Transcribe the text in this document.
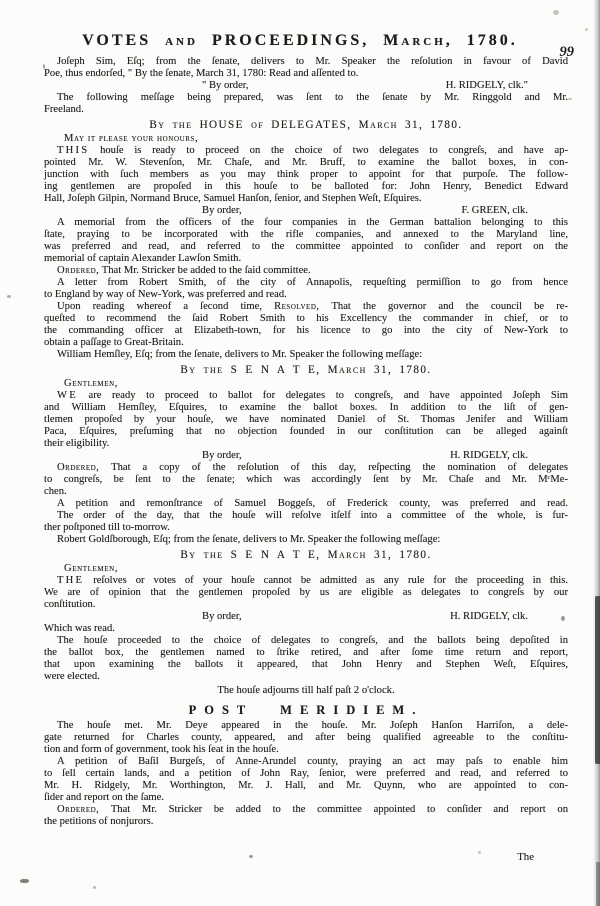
VOTES and PROCEEDINGS, March, 1780.
99
Joſeph Sim, Eſq; from the ſenate, delivers to Mr. Speaker the reſolution in favour of David
Poe, thus endorſed, " By the ſenate, March 31, 1780: Read and aſſented to.
" By order,	H. RIDGELY, clk."
The following meſſage being prepared, was ſent to the ſenate by Mr. Ringgold and Mr.
Freeland.
By the HOUSE of DELEGATES, March 31, 1780.
May it please your honours,
THIS houſe is ready to proceed on the choice of two delegates to congreſs, and have ap-
pointed Mr. W. Stevenſon, Mr. Chaſe, and Mr. Bruff, to examine the ballot boxes, in con-
junction with ſuch members as you may think proper to appoint for that purpoſe. The follow-
ing gentlemen are propoſed in this houſe to be balloted for: John Henry, Benedict Edward
Hall, Joſeph Gilpin, Normand Bruce, Samuel Hanſon, ſenior, and Stephen Weſt, Eſquires.
By order,	F. GREEN, clk.
A memorial from the officers of the four companies in the German battalion belonging to this
ſtate, praying to be incorporated with the rifle companies, and annexed to the Maryland line,
was preferred and read, and referred to the committee appointed to conſider and report on the
memorial of captain Alexander Lawſon Smith.
Ordered, That Mr. Stricker be added to the ſaid committee.
A letter from Robert Smith, of the city of Annapolis, requeſting permiſſion to go from hence
to England by way of New-York, was preferred and read.
Upon reading whereof a ſecond time, Resolved, That the governor and the council be re-
queſted to recommend the ſaid Robert Smith to his Excellency the commander in chief, or to
the commanding officer at Elizabeth-town, for his licence to go into the city of New-York to
obtain a paſſage to Great-Britain.
William Hemſley, Eſq; from the ſenate, delivers to Mr. Speaker the following meſſage:
By the S E N A T E, March 31, 1780.
Gentlemen,
WE are ready to proceed to ballot for delegates to congreſs, and have appointed Joſeph Sim
and William Hemſley, Eſquires, to examine the ballot boxes. In addition to the liſt of gen-
tlemen propoſed by your houſe, we have nominated Daniel of St. Thomas Jenifer and William
Paca, Eſquires, preſuming that no objection founded in our conſtitution can be alleged againſt
their eligibility.
By order,	H. RIDGELY, clk.
Ordered, That a copy of the reſolution of this day, reſpecting the nomination of delegates
to congreſs, be ſent to the ſenate; which was accordingly ſent by Mr. Chaſe and Mr. MᶜMe-
chen.
A petition and remonſtrance of Samuel Boggeſs, of Frederick county, was preferred and read.
The order of the day, that the houſe will reſolve itſelf into a committee of the whole, is fur-
ther poſtponed till to-morrow.
Robert Goldſborough, Eſq; from the ſenate, delivers to Mr. Speaker the following meſſage:
By the S E N A T E, March 31, 1780.
Gentlemen,
THE reſolves or votes of your houſe cannot be admitted as any rule for the proceeding in this.
We are of opinion that the gentlemen propoſed by us are eligible as delegates to congreſs by our
conſtitution.
By order,	H. RIDGELY, clk.
Which was read.
The houſe proceeded to the choice of delegates to congreſs, and the ballots being depoſited in
the ballot box, the gentlemen named to ſtrike retired, and after ſome time return and report,
that upon examining the ballots it appeared, that John Henry and Stephen Weſt, Eſquires,
were elected.
The houſe adjourns till half paſt 2 o'clock.
POST MERIDIEM.
The houſe met. Mr. Deye appeared in the houſe. Mr. Joſeph Hanſon Harriſon, a dele-
gate returned for Charles county, appeared, and after being qualified agreeable to the conſtitu-
tion and form of government, took his ſeat in the houſe.
A petition of Baſil Burgeſs, of Anne-Arundel county, praying an act may paſs to enable him
to ſell certain lands, and a petition of John Ray, ſenior, were preferred and read, and referred to
Mr. H. Ridgely, Mr. Worthington, Mr. J. Hall, and Mr. Quynn, who are appointed to con-
ſider and report on the ſame.
Ordered, That Mr. Stricker be added to the committee appointed to conſider and report on
the petitions of nonjurors.
The
